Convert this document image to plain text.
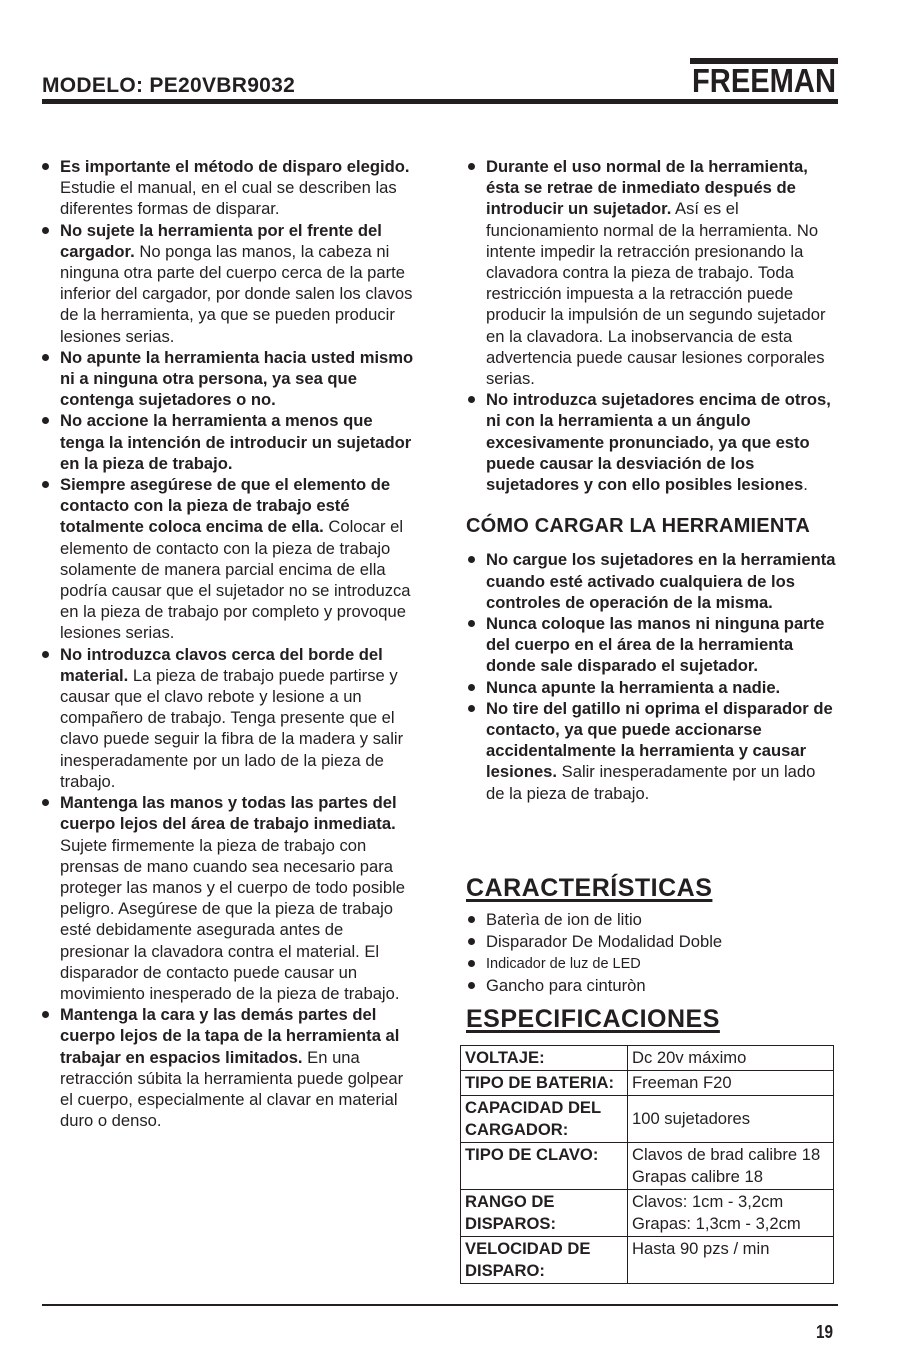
MODELO: PE20VBR9032	FREEMAN
Es importante el método de disparo elegido. Estudie el manual, en el cual se describen las diferentes formas de disparar.
No sujete la herramienta por el frente del cargador. No ponga las manos, la cabeza ni ninguna otra parte del cuerpo cerca de la parte inferior del cargador, por donde salen los clavos de la herramienta, ya que se pueden producir lesiones serias.
No apunte la herramienta hacia usted mismo ni a ninguna otra persona, ya sea que contenga sujetadores o no.
No accione la herramienta a menos que tenga la intención de introducir un sujetador en la pieza de trabajo.
Siempre asegúrese de que el elemento de contacto con la pieza de trabajo esté totalmente coloca encima de ella. Colocar el elemento de contacto con la pieza de trabajo solamente de manera parcial encima de ella podría causar que el sujetador no se introduzca en la pieza de trabajo por completo y provoque lesiones serias.
No introduzca clavos cerca del borde del material. La pieza de trabajo puede partirse y causar que el clavo rebote y lesione a un compañero de trabajo. Tenga presente que el clavo puede seguir la fibra de la madera y salir inesperadamente por un lado de la pieza de trabajo.
Mantenga las manos y todas las partes del cuerpo lejos del área de trabajo inmediata. Sujete firmemente la pieza de trabajo con prensas de mano cuando sea necesario para proteger las manos y el cuerpo de todo posible peligro. Asegúrese de que la pieza de trabajo esté debidamente asegurada antes de presionar la clavadora contra el material. El disparador de contacto puede causar un movimiento inesperado de la pieza de trabajo.
Mantenga la cara y las demás partes del cuerpo lejos de la tapa de la herramienta al trabajar en espacios limitados. En una retracción súbita la herramienta puede golpear el cuerpo, especialmente al clavar en material duro o denso.
Durante el uso normal de la herramienta, ésta se retrae de inmediato después de introducir un sujetador. Así es el funcionamiento normal de la herramienta. No intente impedir la retracción presionando la clavadora contra la pieza de trabajo. Toda restricción impuesta a la retracción puede producir la impulsión de un segundo sujetador en la clavadora. La inobservancia de esta advertencia puede causar lesiones corporales serias.
No introduzca sujetadores encima de otros, ni con la herramienta a un ángulo excesivamente pronunciado, ya que esto puede causar la desviación de los sujetadores y con ello posibles lesiones.
CÓMO CARGAR LA HERRAMIENTA
No cargue los sujetadores en la herramienta cuando esté activado cualquiera de los controles de operación de la misma.
Nunca coloque las manos ni ninguna parte del cuerpo en el área de la herramienta donde sale disparado el sujetador.
Nunca apunte la herramienta a nadie.
No tire del gatillo ni oprima el disparador de contacto, ya que puede accionarse accidentalmente la herramienta y causar lesiones. Salir inesperadamente por un lado de la pieza de trabajo.
CARACTERÍSTICAS
Baterìa de ion de litio
Disparador De Modalidad Doble
Indicador de luz de LED
Gancho para cinturòn
ESPECIFICACIONES
VOLTAJE:	Dc 20v máximo

TIPO DE BATERIA:	Freeman F20

CAPACIDAD DEL CARGADOR:	100 sujetadores

TIPO DE CLAVO:	Clavos de brad calibre 18
Grapas calibre 18

RANGO DE DISPAROS:	Clavos: 1cm - 3,2cm
Grapas: 1,3cm - 3,2cm

VELOCIDAD DE DISPARO:	Hasta 90 pzs / min
19
